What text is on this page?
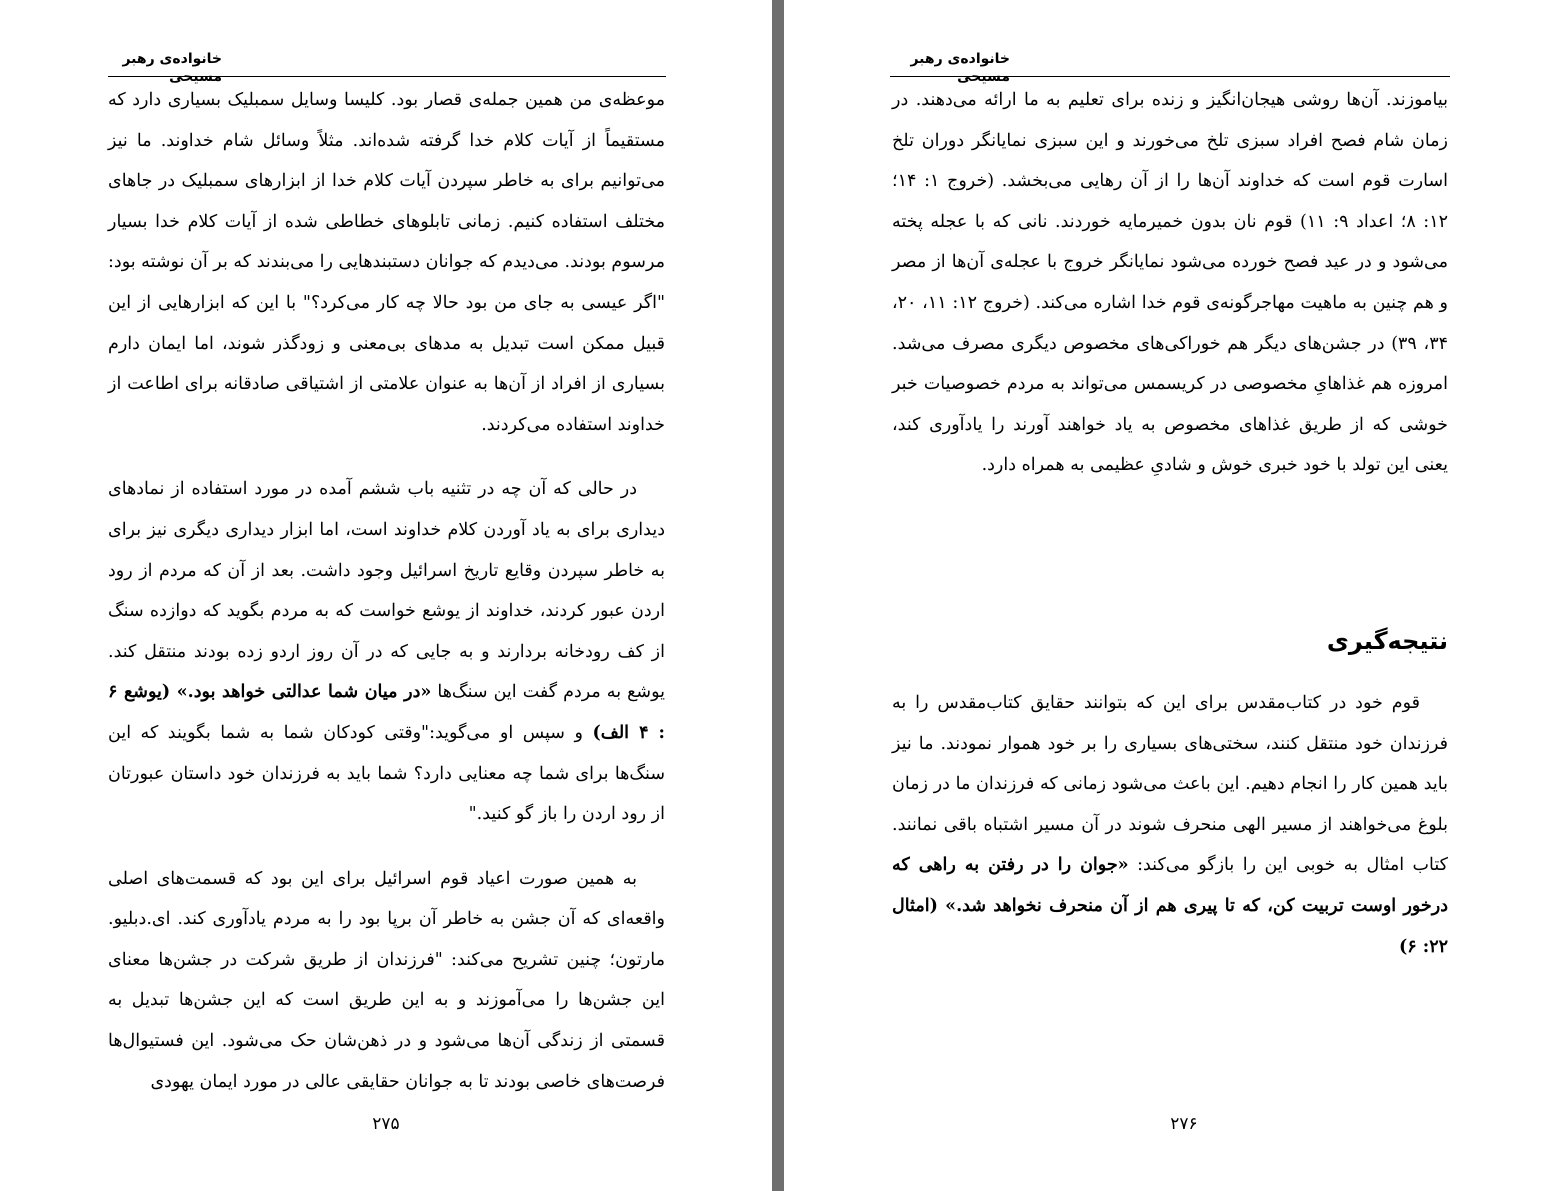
خانواده‌ی رهبر مسیحی

موعظه‌ی من همین جمله‌ی قصار بود. کلیسا وسایل سمبلیک بسیاری دارد که مستقیماً از آیات کلام خدا گرفته شده‌اند. مثلاً وسائل شام خداوند. ما نیز می‌توانیم برای به خاطر سپردن آیات کلام خدا از ابزارهای سمبلیک در جاهای مختلف استفاده کنیم. زمانی تابلوهای خطاطی شده از آیات کلام خدا بسیار مرسوم بودند. می‌دیدم که جوانان دستبندهایی را می‌بندند که بر آن نوشته بود: "اگر عیسی به جای من بود حالا چه کار می‌کرد؟" با این که ابزارهایی از این قبیل ممکن است تبدیل به مدهای بی‌معنی و زودگذر شوند، اما ایمان دارم بسیاری از افراد از آن‌ها به عنوان علامتی از اشتیاقی صادقانه برای اطاعت از خداوند استفاده می‌کردند.

در حالی که آن چه در تثنیه باب ششم آمده در مورد استفاده از نمادهای دیداری برای به یاد آوردن کلام خداوند است، اما ابزار دیداری دیگری نیز برای به خاطر سپردن وقایع تاریخ اسرائیل وجود داشت. بعد از آن که مردم از رود اردن عبور کردند، خداوند از یوشع خواست که به مردم بگوید که دوازده سنگ از کف رودخانه بردارند و به جایی که در آن روز اردو زده بودند منتقل کند. یوشع به مردم گفت این سنگ‌ها «در میان شما عدالتی خواهد بود.» (یوشع ۶ : ۴ الف) و سپس او می‌گوید:"وقتی کودکان شما به شما بگویند که این سنگ‌ها برای شما چه معنایی دارد؟ شما باید به فرزندان خود داستان عبورتان از رود اردن را باز گو کنید."

به همین صورت اعیاد قوم اسرائیل برای این بود که قسمت‌های اصلی واقعه‌ای که آن جشن به خاطر آن برپا بود را به مردم یادآوری کند. ای.دبلیو. مارتون؛ چنین تشریح می‌کند: "فرزندان از طریق شرکت در جشن‌ها معنای این جشن‌ها را می‌آموزند و به این طریق است که این جشن‌ها تبدیل به قسمتی از زندگی آن‌ها می‌شود و در ذهن‌شان حک می‌شود. این فستیوال‌ها فرصت‌های خاصی بودند تا به جوانان حقایقی عالی در مورد ایمان یهودی

۲۷۵
خانواده‌ی رهبر مسیحی

بیاموزند. آن‌ها روشی هیجان‌انگیز و زنده برای تعلیم به ما ارائه می‌دهند. در زمان شام فصح افراد سبزی تلخ می‌خورند و این سبزی نمایانگر دوران تلخ اسارت قوم است که خداوند آن‌ها را از آن رهایی می‌بخشد. (خروج ۱: ۱۴؛ ۱۲: ۸؛ اعداد ۹: ۱۱) قوم نان بدون خمیرمایه خوردند. نانی که با عجله پخته می‌شود و در عید فصح خورده می‌شود نمایانگر خروج با عجله‌ی آن‌ها از مصر و هم چنین به ماهیت مهاجرگونه‌ی قوم خدا اشاره می‌کند. (خروج ۱۲: ۱۱، ۲۰، ۳۴، ۳۹) در جشن‌های دیگر هم خوراکی‌های مخصوص دیگری مصرف می‌شد. امروزه هم غذاهایِ مخصوصی در کریسمس می‌تواند به مردم خصوصیات خبر خوشی که از طریق غذاهای مخصوص به یاد خواهند آورند را یادآوری کند، یعنی این تولد با خود خبری خوش و شادیِ عظیمی به همراه دارد.

نتیجه‌گیری

قوم خود در کتاب‌مقدس برای این که بتوانند حقایق کتاب‌مقدس را به فرزندان خود منتقل کنند، سختی‌های بسیاری را بر خود هموار نمودند. ما نیز باید همین کار را انجام دهیم. این باعث می‌شود زمانی که فرزندان ما در زمان بلوغ می‌خواهند از مسیر الهی منحرف شوند در آن مسیر اشتباه باقی نمانند. کتاب امثال به خوبی این را بازگو می‌کند: «جوان را در رفتن به راهی که درخور اوست تربیت کن، که تا پیری هم از آن منحرف نخواهد شد.» (امثال ۲۲: ۶)

۲۷۶
